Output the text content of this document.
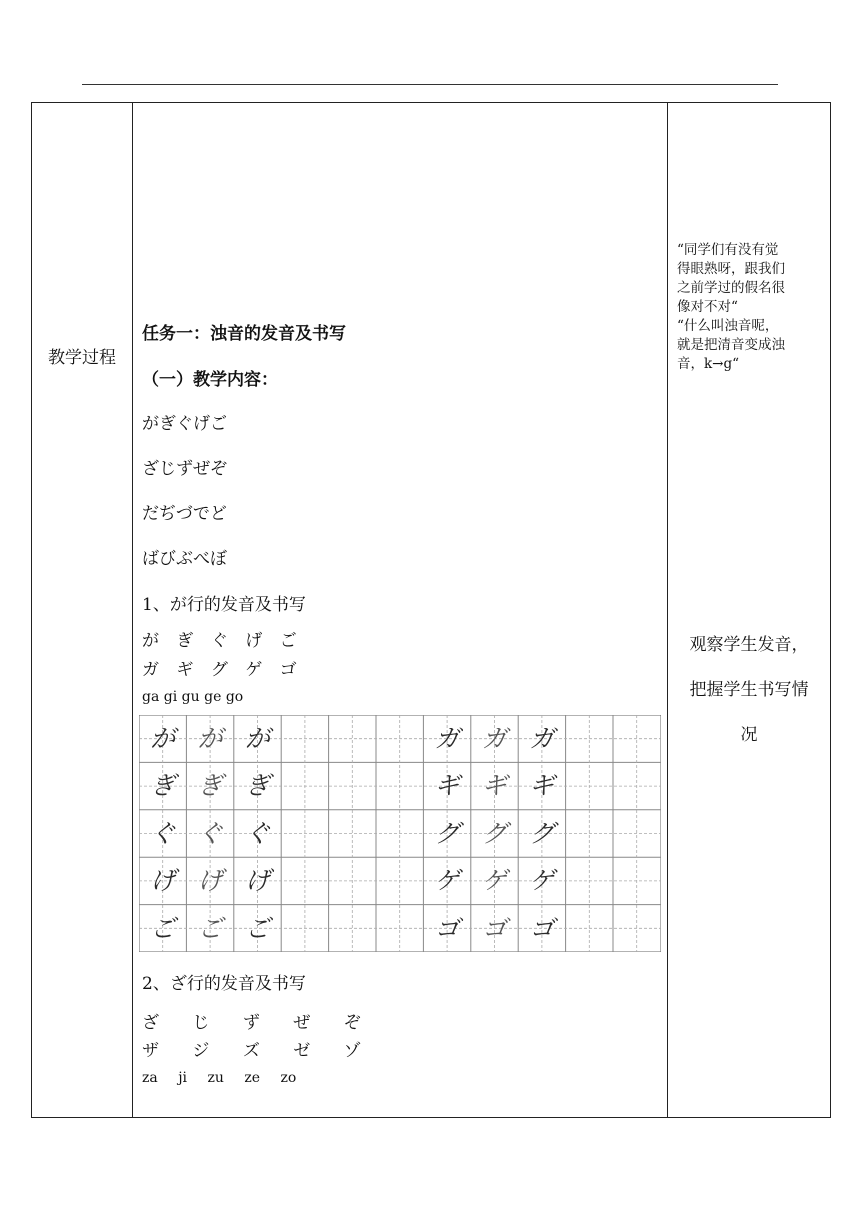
教学过程
任务一：浊音的发音及书写
（一）教学内容：
がぎぐげご
ざじずぜぞ
だぢづでど
ばびぶべぼ
1、が行的发音及书写
が ぎ ぐ げ ご
ガ ギ グ ゲ ゴ
ga gi gu ge go
2、ざ行的发音及书写
ざ じ ず ぜ ぞ
ザ ジ ズ ゼ ゾ
za ji zu ze zo
が が が
ぎ ぎ ぎ
ぐ ぐ ぐ
げ げ げ
ご ご ご
ガ ガ ガ
ギ ギ ギ
グ グ グ
ゲ ゲ ゲ
ゴ ゴ ゴ
“同学们有没有觉
得眼熟呀，跟我们
之前学过的假名很
像对不对“
“什么叫浊音呢，
就是把清音变成浊
音，k→g“
观察学生发音，
把握学生书写情
况
